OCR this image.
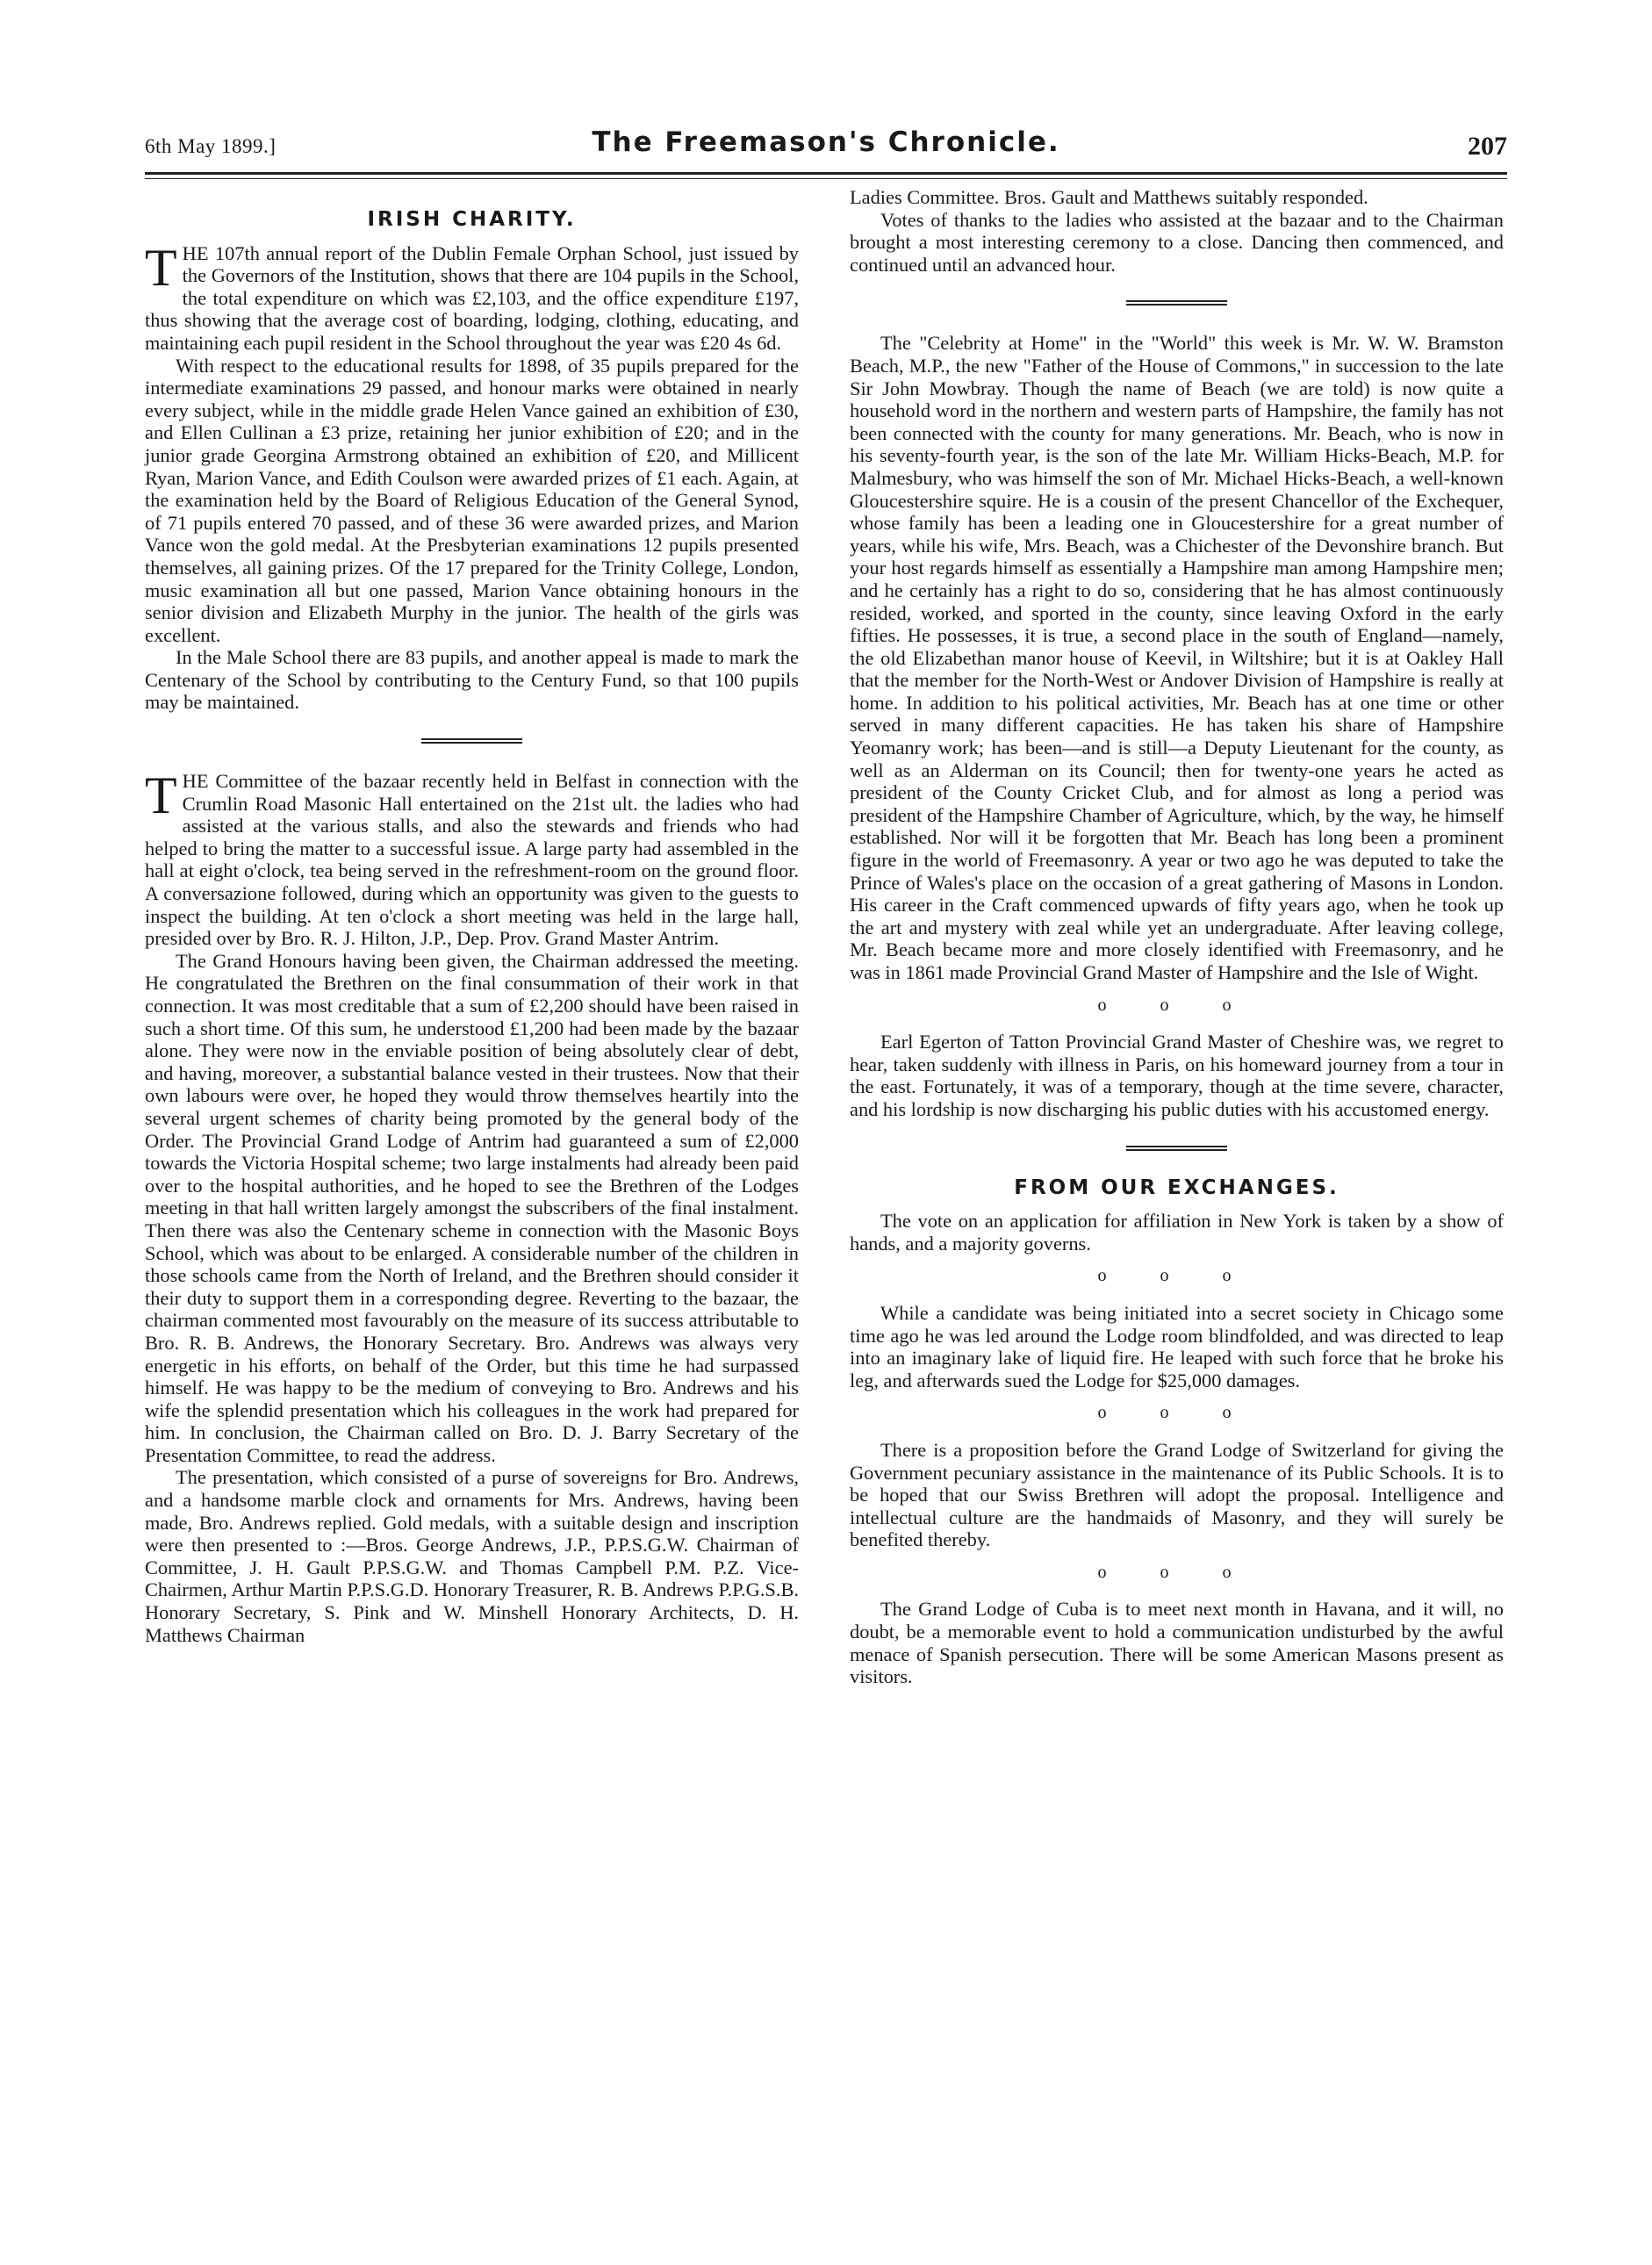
6th May 1899.]	The Freemason's Chronicle.	207
IRISH CHARITY.

THE 107th annual report of the Dublin Female Orphan School, just issued by the Governors of the Institution, shows that there are 104 pupils in the School, the total expenditure on which was £2,103, and the office expenditure £197, thus showing that the average cost of boarding, lodging, clothing, educating, and maintaining each pupil resident in the School throughout the year was £20 4s 6d.

With respect to the educational results for 1898, of 35 pupils prepared for the intermediate examinations 29 passed, and honour marks were obtained in nearly every subject, while in the middle grade Helen Vance gained an exhibition of £30, and Ellen Cullinan a £3 prize, retaining her junior exhibition of £20; and in the junior grade Georgina Armstrong obtained an exhibition of £20, and Millicent Ryan, Marion Vance, and Edith Coulson were awarded prizes of £1 each. Again, at the examination held by the Board of Religious Education of the General Synod, of 71 pupils entered 70 passed, and of these 36 were awarded prizes, and Marion Vance won the gold medal. At the Presbyterian examinations 12 pupils presented themselves, all gaining prizes. Of the 17 prepared for the Trinity College, London, music examination all but one passed, Marion Vance obtaining honours in the senior division and Elizabeth Murphy in the junior. The health of the girls was excellent.

In the Male School there are 83 pupils, and another appeal is made to mark the Centenary of the School by contributing to the Century Fund, so that 100 pupils may be maintained.

THE Committee of the bazaar recently held in Belfast in connection with the Crumlin Road Masonic Hall entertained on the 21st ult. the ladies who had assisted at the various stalls, and also the stewards and friends who had helped to bring the matter to a successful issue. A large party had assembled in the hall at eight o'clock, tea being served in the refreshment-room on the ground floor. A conversazione followed, during which an opportunity was given to the guests to inspect the building. At ten o'clock a short meeting was held in the large hall, presided over by Bro. R. J. Hilton, J.P., Dep. Prov. Grand Master Antrim.

The Grand Honours having been given, the Chairman addressed the meeting. He congratulated the Brethren on the final consummation of their work in that connection. It was most creditable that a sum of £2,200 should have been raised in such a short time. Of this sum, he understood £1,200 had been made by the bazaar alone. They were now in the enviable position of being absolutely clear of debt, and having, moreover, a substantial balance vested in their trustees. Now that their own labours were over, he hoped they would throw themselves heartily into the several urgent schemes of charity being promoted by the general body of the Order. The Provincial Grand Lodge of Antrim had guaranteed a sum of £2,000 towards the Victoria Hospital scheme; two large instalments had already been paid over to the hospital authorities, and he hoped to see the Brethren of the Lodges meeting in that hall written largely amongst the subscribers of the final instalment. Then there was also the Centenary scheme in connection with the Masonic Boys School, which was about to be enlarged. A considerable number of the children in those schools came from the North of Ireland, and the Brethren should consider it their duty to support them in a corresponding degree. Reverting to the bazaar, the chairman commented most favourably on the measure of its success attributable to Bro. R. B. Andrews, the Honorary Secretary. Bro. Andrews was always very energetic in his efforts, on behalf of the Order, but this time he had surpassed himself. He was happy to be the medium of conveying to Bro. Andrews and his wife the splendid presentation which his colleagues in the work had prepared for him. In conclusion, the Chairman called on Bro. D. J. Barry Secretary of the Presentation Committee, to read the address.

The presentation, which consisted of a purse of sovereigns for Bro. Andrews, and a handsome marble clock and ornaments for Mrs. Andrews, having been made, Bro. Andrews replied. Gold medals, with a suitable design and inscription were then presented to :—Bros. George Andrews, J.P., P.P.S.G.W. Chairman of Committee, J. H. Gault P.P.S.G.W. and Thomas Campbell P.M. P.Z. Vice-Chairmen, Arthur Martin P.P.S.G.D. Honorary Treasurer, R. B. Andrews P.P.G.S.B. Honorary Secretary, S. Pink and W. Minshell Honorary Architects, D. H. Matthews Chairman

Ladies Committee. Bros. Gault and Matthews suitably responded.

Votes of thanks to the ladies who assisted at the bazaar and to the Chairman brought a most interesting ceremony to a close. Dancing then commenced, and continued until an advanced hour.

The "Celebrity at Home" in the "World" this week is Mr. W. W. Bramston Beach, M.P., the new "Father of the House of Commons," in succession to the late Sir John Mowbray. Though the name of Beach (we are told) is now quite a household word in the northern and western parts of Hampshire, the family has not been connected with the county for many generations. Mr. Beach, who is now in his seventy-fourth year, is the son of the late Mr. William Hicks-Beach, M.P. for Malmesbury, who was himself the son of Mr. Michael Hicks-Beach, a well-known Gloucestershire squire. He is a cousin of the present Chancellor of the Exchequer, whose family has been a leading one in Gloucestershire for a great number of years, while his wife, Mrs. Beach, was a Chichester of the Devonshire branch. But your host regards himself as essentially a Hampshire man among Hampshire men; and he certainly has a right to do so, considering that he has almost continuously resided, worked, and sported in the county, since leaving Oxford in the early fifties. He possesses, it is true, a second place in the south of England—namely, the old Elizabethan manor house of Keevil, in Wiltshire; but it is at Oakley Hall that the member for the North-West or Andover Division of Hampshire is really at home. In addition to his political activities, Mr. Beach has at one time or other served in many different capacities. He has taken his share of Hampshire Yeomanry work; has been—and is still—a Deputy Lieutenant for the county, as well as an Alderman on its Council; then for twenty-one years he acted as president of the County Cricket Club, and for almost as long a period was president of the Hampshire Chamber of Agriculture, which, by the way, he himself established. Nor will it be forgotten that Mr. Beach has long been a prominent figure in the world of Freemasonry. A year or two ago he was deputed to take the Prince of Wales's place on the occasion of a great gathering of Masons in London. His career in the Craft commenced upwards of fifty years ago, when he took up the art and mystery with zeal while yet an undergraduate. After leaving college, Mr. Beach became more and more closely identified with Freemasonry, and he was in 1861 made Provincial Grand Master of Hampshire and the Isle of Wight.

o o o

Earl Egerton of Tatton Provincial Grand Master of Cheshire was, we regret to hear, taken suddenly with illness in Paris, on his homeward journey from a tour in the east. Fortunately, it was of a temporary, though at the time severe, character, and his lordship is now discharging his public duties with his accustomed energy.

FROM OUR EXCHANGES.

The vote on an application for affiliation in New York is taken by a show of hands, and a majority governs.

o o o

While a candidate was being initiated into a secret society in Chicago some time ago he was led around the Lodge room blindfolded, and was directed to leap into an imaginary lake of liquid fire. He leaped with such force that he broke his leg, and afterwards sued the Lodge for $25,000 damages.

o o o

There is a proposition before the Grand Lodge of Switzerland for giving the Government pecuniary assistance in the maintenance of its Public Schools. It is to be hoped that our Swiss Brethren will adopt the proposal. Intelligence and intellectual culture are the handmaids of Masonry, and they will surely be benefited thereby.

o o o

The Grand Lodge of Cuba is to meet next month in Havana, and it will, no doubt, be a memorable event to hold a communication undisturbed by the awful menace of Spanish persecution. There will be some American Masons present as visitors.
